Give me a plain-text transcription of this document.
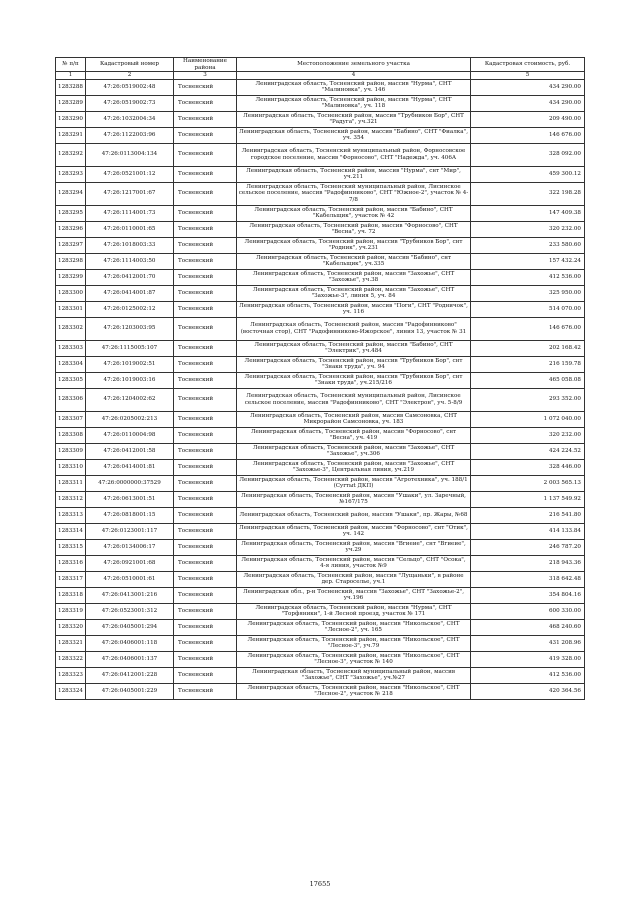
№ п/п	Кадастровый номер	Наименование района	Местоположение земельного участка	Кадастровая стоимость, руб.
1	2	3	4	5
1283288	47:26:0519002:48	Тосненский	Ленинградская область, Тосненский район, массив "Нурма", СНТ "Малиновка", уч. 146	434 290.00
1283289	47:26:0519002:73	Тосненский	Ленинградская область, Тосненский район, массив "Нурма", СНТ "Малиновка", уч. 118	434 290.00
1283290	47:26:1032004:34	Тосненский	Ленинградская область, Тосненский район, массив "Трубников Бор", СНТ "Радуга", уч.321	209 490.00
1283291	47:26:1122003:96	Тосненский	Ленинградская область, Тосненский район, массив "Бабино", СНТ "Фиалка", уч. 354	146 676.00
1283292	47:26:0113004:134	Тосненский	Ленинградская область, Тосненский муниципальный район, Форносовское городское поселение, массив "Форносово", СНТ "Надежда", уч. 406А	328 092.00
1283293	47:26:0521001:12	Тосненский	Ленинградская область, Тосненский район, массив "Нурма", снт "Мир", уч.211	459 300.12
1283294	47:26:1217001:67	Тосненский	Ленинградская область, Тосненский муниципальный район, Лисинское сельское поселение, массив "Радофинниково", СНТ "Южное-2", участок № 4-7/8	322 198.28
1283295	47:26:1114001:73	Тосненский	Ленинградская область, Тосненский район, массив "Бабино", СНТ "Кабельщик", участок № 42	147 409.38
1283296	47:26:0110001:65	Тосненский	Ленинградская область, Тосненский район, массив "Форносово", СНТ "Весна", уч. 72	320 232.00
1283297	47:26:1018003:33	Тосненский	Ленинградская область, Тосненский район, массив "Трубников Бор", снт "Родник", уч.231	233 580.60
1283298	47:26:1114003:50	Тосненский	Ленинградская область, Тосненский район, массив "Бабино", снт "Кабельщик", уч.335	157 432.24
1283299	47:26:0412001:70	Тосненский	Ленинградская область, Тосненский район, массив "Захожье", СНТ "Захожье", уч.38	412 536.00
1283300	47:26:0414001:87	Тосненский	Ленинградская область, Тосненский район, массив "Захожье", СНТ "Захожье-3", линия 5, уч. 84	325 950.00
1283301	47:26:0125002:12	Тосненский	Ленинградская область, Тосненский район, массив "Поги", СНТ "Родничок", уч. 116	514 070.00
1283302	47:26:1203003:95	Тосненский	Ленинградская область, Тосненский район, массив "Радофинниково" (восточная стор), СНТ "Радофинниково-Ижорское", линия 13, участок № 31	146 676.00
1283303	47:26:1115005:107	Тосненский	Ленинградская область, Тосненский район, массив "Бабино", СНТ "Электрик", уч.484	202 168.42
1283304	47:26:1019002:51	Тосненский	Ленинградская область, Тосненский район, массив "Трубников Бор", снт "Знаки труда", уч. 94	216 159.78
1283305	47:26:1019003:16	Тосненский	Ленинградская область, Тосненский район, массив "Трубников Бор", снт "Знаки труда", уч.215/216	465 058.08
1283306	47:26:1204002:62	Тосненский	Ленинградская область, Тосненский муниципальный район, Лисинское сельское поселение, массив "Радофинниково", СНТ "Электрон", уч. 5-8/9	293 352.00
1283307	47:26:0205002:213	Тосненский	Ленинградская область, Тосненский район, массив Самсоновка, СНТ Микрорайон Самсоновка, уч. 183	1 072 040.00
1283308	47:26:0110004:98	Тосненский	Ленинградская область, Тосненский район, массив "Форносово", снт "Весна", уч. 419	320 232.00
1283309	47:26:0412001:58	Тосненский	Ленинградская область, Тосненский район, массив "Захожье", СНТ "Захожье", уч.306	424 224.52
1283310	47:26:0414001:81	Тосненский	Ленинградская область, Тосненский район, массив "Захожье", СНТ "Захожье-3", Центральная линия, уч.219	328 446.00
1283311	47:26:0000000:37529	Тосненский	Ленинградская область, Тосненский район, массив "Агротехника", уч. 188/1 (Cyrтыt ДКП)	2 003 565.13
1283312	47:26:0613001:51	Тосненский	Ленинградская область, Тосненский район, массив "Ушаки", ул. Заречный, №167/175	1 137 549.92
1283313	47:26:0818001:15	Тосненский	Ленинградская область, Тосненский район, массив "Ушаки", пр. Жары, №68	216 541.80
1283314	47:26:0123001:117	Тосненский	Ленинградская область, Тосненский район, массив "Форносово", снт "Отик", уч. 142	414 133.84
1283315	47:26:0134006:17	Тосненский	Ленинградская область, Тосненский район, массив "Вгиеие", снт "Вгиеие", уч.29	246 787.20
1283316	47:26:0921001:68	Тосненский	Ленинградская область, Тосненский район, массив "Сельцо", СНТ "Осока", 4-я линия, участок №9	218 943.36
1283317	47:26:0510001:61	Тосненский	Ленинградская область, Тосненский район, массив "Лущаньки", в районе дер. Староселье, уч.1	318 642.48
1283318	47:26:0413001:216	Тосненский	Ленинградская обл., р-н Тосненский, массив "Захожье", СНТ "Захожье-2", уч.196	354 804.16
1283319	47:26:0523001:312	Тосненский	Ленинградская область, Тосненский район, массив "Нурма", СНТ "Торфяники", 1-й Лесной проезд, участок № 171	600 330.00
1283320	47:26:0405001:294	Тосненский	Ленинградская область, Тосненский район, массив "Никольское", СНТ "Лесное-2", уч. 165	468 240.60
1283321	47:26:0406001:118	Тосненский	Ленинградская область, Тосненский район, массив "Никольское", СНТ "Лесное-3", уч.79	431 208.96
1283322	47:26:0406001:137	Тосненский	Ленинградская область, Тосненский район, массив "Никольское", СНТ "Лесное-3", участок № 140	419 328.00
1283323	47:26:0412001:228	Тосненский	Ленинградская область, Тосненский муниципальный район, массив "Захожье", СНТ "Захожье", уч.№27	412 536.00
1283324	47:26:0405001:229	Тосненский	Ленинградская область, Тосненский район, массив "Никольское", СНТ "Лесное-2", участок № 218	420 364.56
17655
